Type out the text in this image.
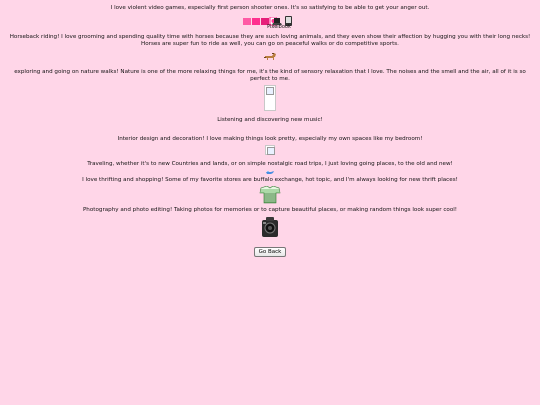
I love violent video games, especially first person shooter ones. It's so satisfying to be able to get your anger out.

Pixelbook

Horseback riding! I love grooming and spending quality time with horses because they are such loving animals, and they even show their affection by hugging you with their long necks! Horses are super fun to ride as well, you can go on peaceful walks or do competitive sports.

exploring and going on nature walks! Nature is one of the more relaxing things for me, it's the kind of sensory relaxation that I love. The noises and the smell and the air, all of it is so perfect to me.

Listening and discovering new music!

Interior design and decoration! I love making things look pretty, especially my own spaces like my bedroom!

Traveling, whether it's to new Countries and lands, or on simple nostalgic road trips, I just loving going places, to the old and new!

I love thrifting and shopping! Some of my favorite stores are buffalo exchange, hot topic, and I'm always looking for new thrift places!

Photography and photo editing! Taking photos for memories or to capture beautiful places, or making random things look super cool!

Go Back
